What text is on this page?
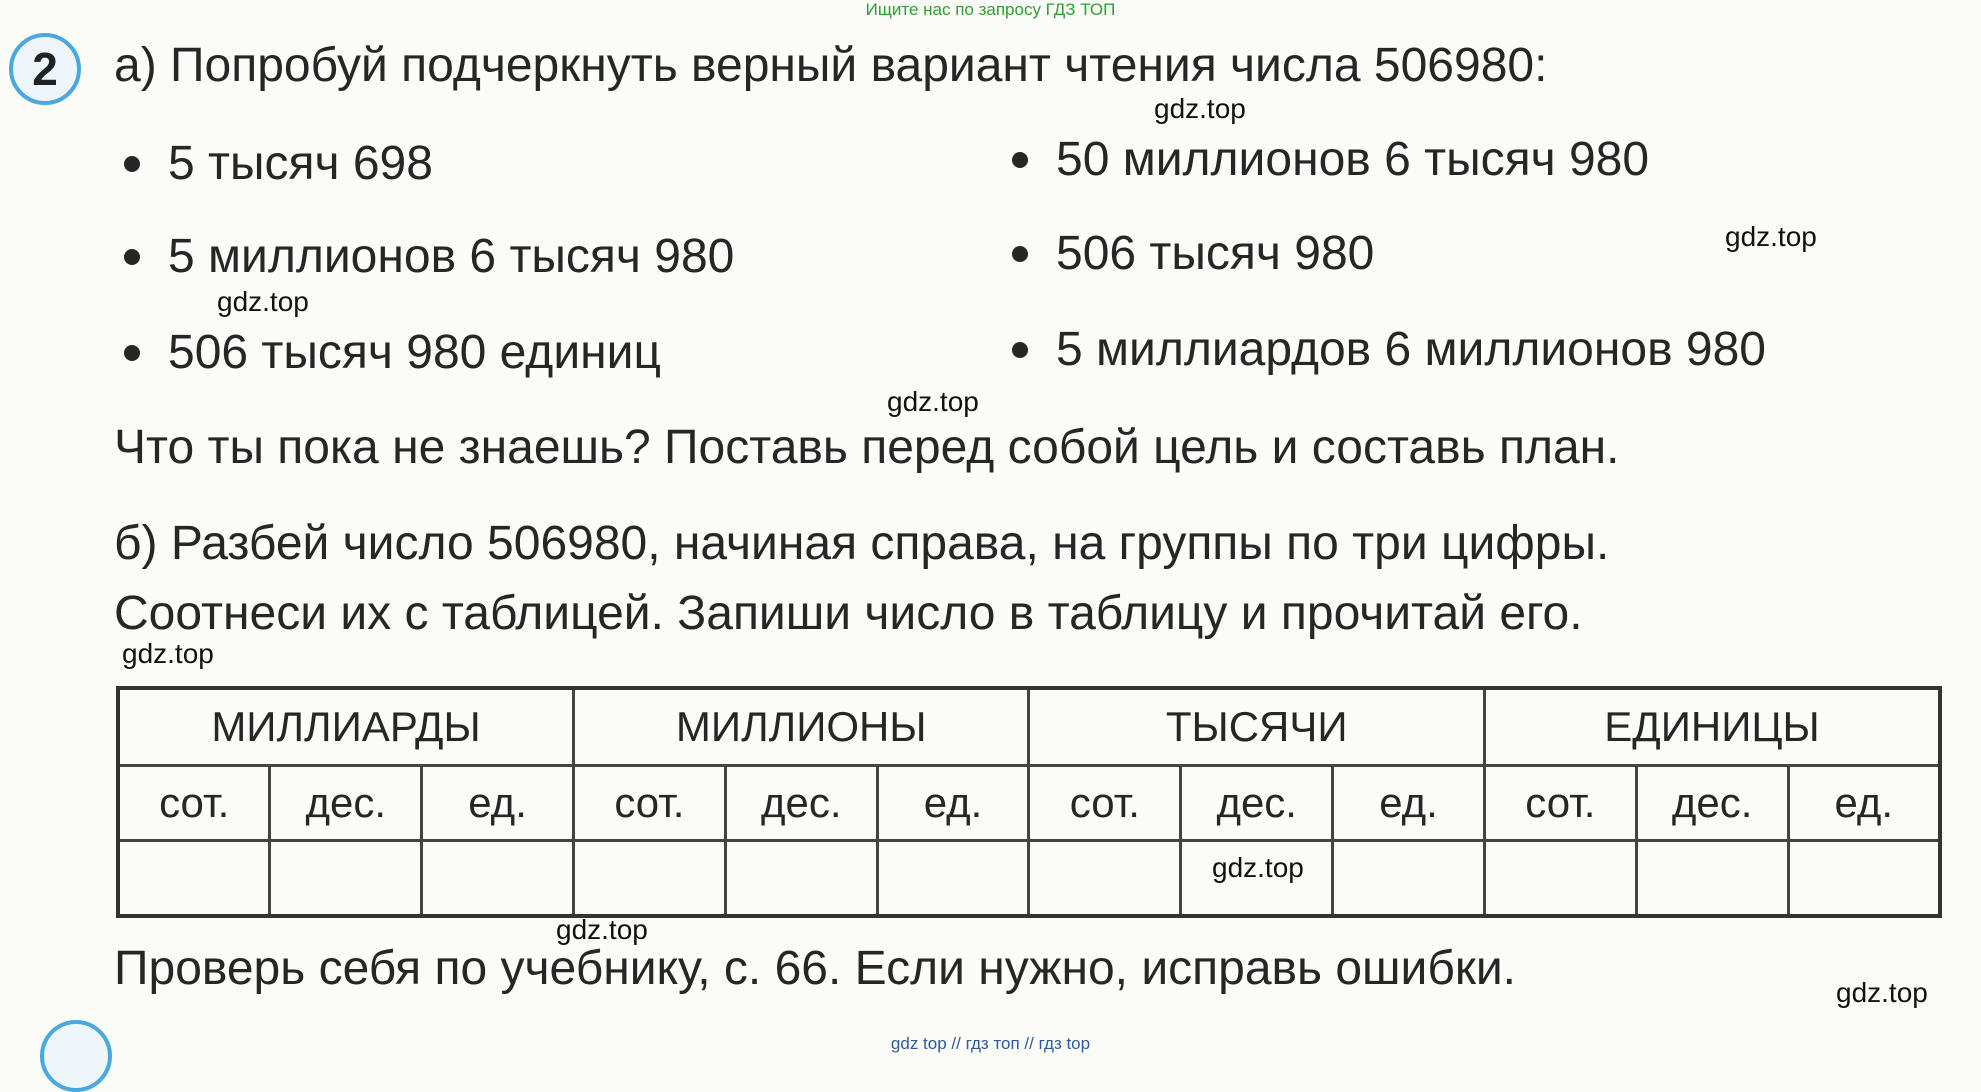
Ищите нас по запросу ГДЗ ТОП
2	а) Попробуй подчеркнуть верный вариант чтения числа 506980:
5 тысяч 698	50 миллионов 6 тысяч 980
5 миллионов 6 тысяч 980	506 тысяч 980
506 тысяч 980 единиц	5 миллиардов 6 миллионов 980
Что ты пока не знаешь? Поставь перед собой цель и составь план.
б) Разбей число 506980, начиная справа, на группы по три цифры.
Соотнеси их с таблицей. Запиши число в таблицу и прочитай его.
МИЛЛИАРДЫ			МИЛЛИОНЫ			ТЫСЯЧИ			ЕДИНИЦЫ		
сот.	дес.	ед.	сот.	дес.	ед.	сот.	дес.	ед.	сот.	дес.	ед.

Проверь себя по учебнику, с. 66. Если нужно, исправь ошибки.
gdz.top
gdz.top
gdz.top
gdz.top
gdz.top
gdz.top
gdz.top
gdz.top
gdz top // гдз топ // гдз top
